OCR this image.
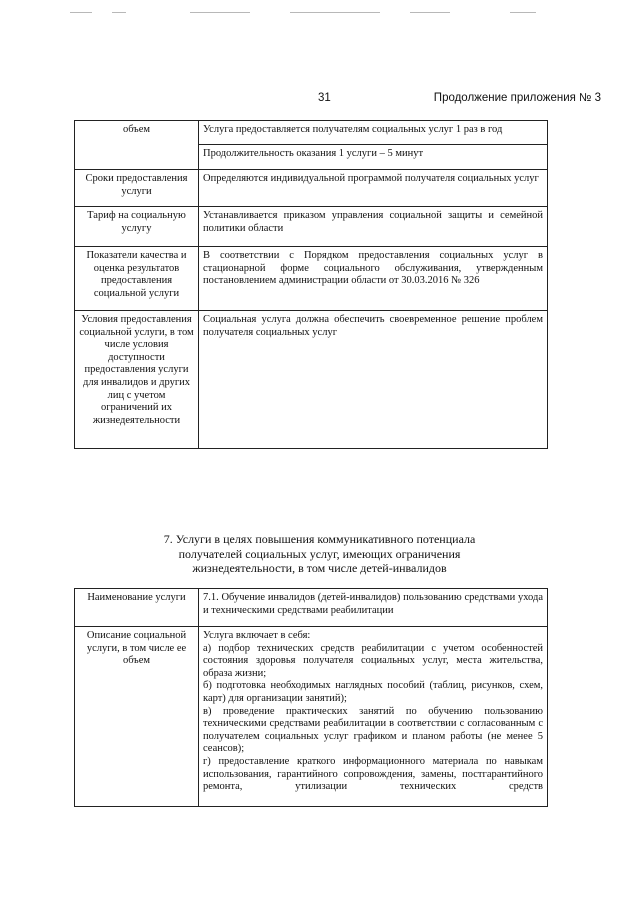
31	Продолжение приложения № 3
объем	Услуга предоставляется получателям социальных услуг 1 раз в год
	Продолжительность оказания 1 услуги – 5 минут
Сроки предоставления услуги	Определяются индивидуальной программой получателя социальных услуг
Тариф на социальную услугу	Устанавливается приказом управления социальной защиты и семейной политики области
Показатели качества и оценка результатов предоставления социальной услуги	В соответствии с Порядком предоставления социальных услуг в стационарной форме социального обслуживания, утвержденным постановлением администрации области от 30.03.2016 № 326
Условия предоставления социальной услуги, в том числе условия доступности предоставления услуги для инвалидов и других лиц с учетом ограничений их жизнедеятельности	Социальная услуга должна обеспечить своевременное решение проблем получателя социальных услуг
7. Услуги в целях повышения коммуникативного потенциала
получателей социальных услуг, имеющих ограничения
жизнедеятельности, в том числе детей-инвалидов
Наименование услуги	7.1. Обучение инвалидов (детей-инвалидов) пользованию средствами ухода и техническими средствами реабилитации
Описание социальной услуги, в том числе ее объем	Услуга включает в себя:
а) подбор технических средств реабилитации с учетом особенностей состояния здоровья получателя социальных услуг, места жительства, образа жизни;
б) подготовка необходимых наглядных пособий (таблиц, рисунков, схем, карт) для организации занятий);
в) проведение практических занятий по обучению пользованию техническими средствами реабилитации в соответствии с согласованным с получателем социальных услуг графиком и планом работы (не менее 5 сеансов);
г) предоставление краткого информационного материала по навыкам использования, гарантийного сопровождения, замены, постгарантийного ремонта, утилизации технических средств
